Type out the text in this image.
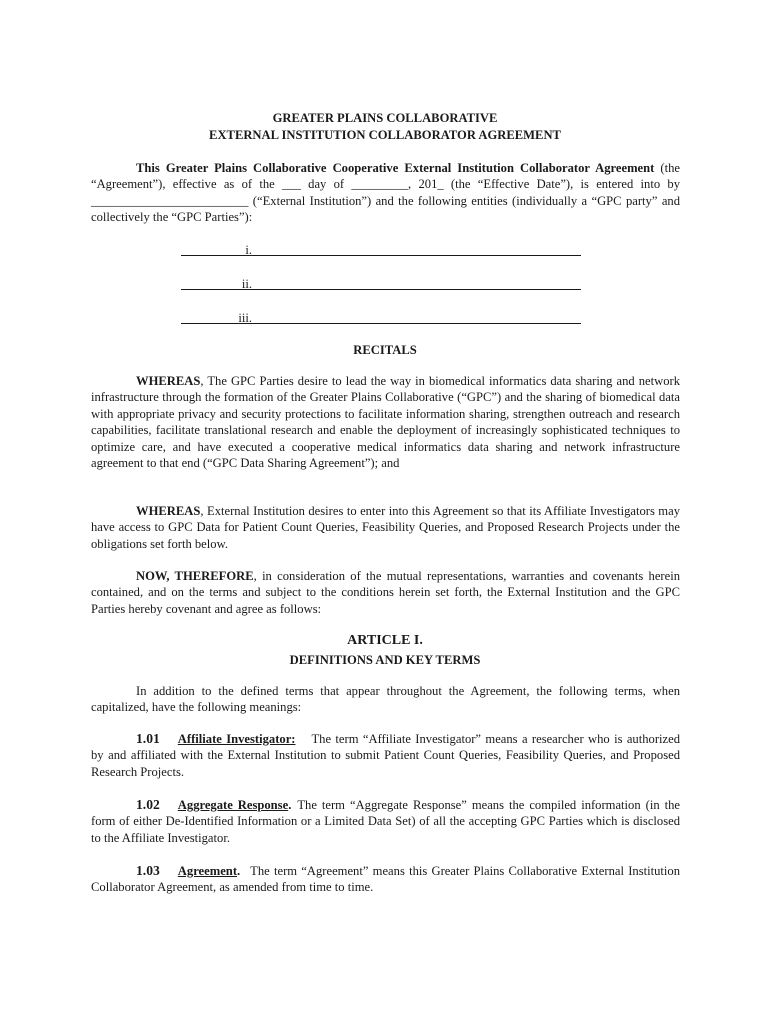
GREATER PLAINS COLLABORATIVE
EXTERNAL INSTITUTION COLLABORATOR AGREEMENT
This Greater Plains Collaborative Cooperative External Institution Collaborator Agreement (the “Agreement”), effective as of the ___ day of _________, 201_ (the “Effective Date”), is entered into by _________________________ (“External Institution”) and the following entities (individually a “GPC party” and collectively the “GPC Parties”):
i.
ii.
iii.
RECITALS
WHEREAS, The GPC Parties desire to lead the way in biomedical informatics data sharing and network infrastructure through the formation of the Greater Plains Collaborative (“GPC”) and the sharing of biomedical data with appropriate privacy and security protections to facilitate information sharing, strengthen outreach and research capabilities, facilitate translational research and enable the deployment of increasingly sophisticated techniques to optimize care, and have executed a cooperative medical informatics data sharing and network infrastructure agreement to that end (“GPC Data Sharing Agreement”); and
WHEREAS, External Institution desires to enter into this Agreement so that its Affiliate Investigators may have access to GPC Data for Patient Count Queries, Feasibility Queries, and Proposed Research Projects under the obligations set forth below.
NOW, THEREFORE, in consideration of the mutual representations, warranties and covenants herein contained, and on the terms and subject to the conditions herein set forth, the External Institution and the GPC Parties hereby covenant and agree as follows:
ARTICLE I.
DEFINITIONS AND KEY TERMS
In addition to the defined terms that appear throughout the Agreement, the following terms, when capitalized, have the following meanings:
1.01 Affiliate Investigator: The term “Affiliate Investigator” means a researcher who is authorized by and affiliated with the External Institution to submit Patient Count Queries, Feasibility Queries, and Proposed Research Projects.
1.02 Aggregate Response. The term “Aggregate Response” means the compiled information (in the form of either De-Identified Information or a Limited Data Set) of all the accepting GPC Parties which is disclosed to the Affiliate Investigator.
1.03 Agreement. The term “Agreement” means this Greater Plains Collaborative External Institution Collaborator Agreement, as amended from time to time.
